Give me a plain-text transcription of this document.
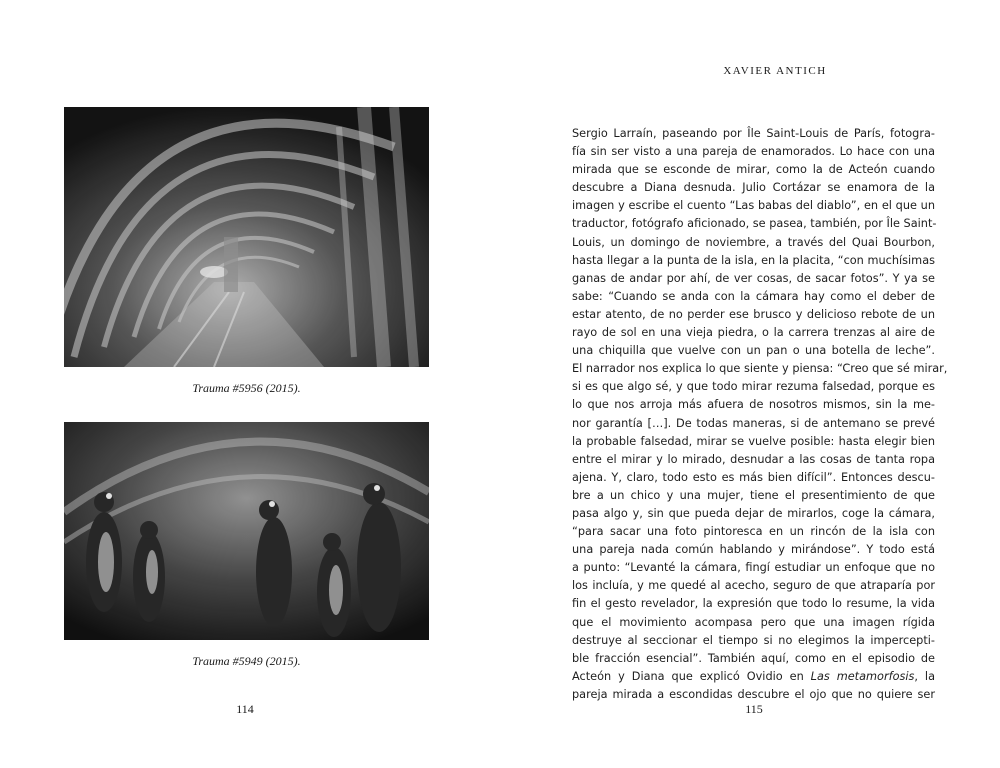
Trauma #5956 (2015).
Trauma #5949 (2015).
114
XAVIER ANTICH
Sergio Larraín, paseando por Île Saint-Louis de París, fotogra-
fía sin ser visto a una pareja de enamorados. Lo hace con una
mirada que se esconde de mirar, como la de Acteón cuando
descubre a Diana desnuda. Julio Cortázar se enamora de la
imagen y escribe el cuento “Las babas del diablo”, en el que un
traductor, fotógrafo aficionado, se pasea, también, por Île Saint-
Louis, un domingo de noviembre, a través del Quai Bourbon,
hasta llegar a la punta de la isla, en la placita, “con muchísimas
ganas de andar por ahí, de ver cosas, de sacar fotos”. Y ya se
sabe: “Cuando se anda con la cámara hay como el deber de
estar atento, de no perder ese brusco y delicioso rebote de un
rayo de sol en una vieja piedra, o la carrera trenzas al aire de
una chiquilla que vuelve con un pan o una botella de leche”.
El narrador nos explica lo que siente y piensa: “Creo que sé mirar,
si es que algo sé, y que todo mirar rezuma falsedad, porque es
lo que nos arroja más afuera de nosotros mismos, sin la me-
nor garantía […]. De todas maneras, si de antemano se prevé
la probable falsedad, mirar se vuelve posible: hasta elegir bien
entre el mirar y lo mirado, desnudar a las cosas de tanta ropa
ajena. Y, claro, todo esto es más bien difícil”. Entonces descu-
bre a un chico y una mujer, tiene el presentimiento de que
pasa algo y, sin que pueda dejar de mirarlos, coge la cámara,
“para sacar una foto pintoresca en un rincón de la isla con
una pareja nada común hablando y mirándose”. Y todo está
a punto: “Levanté la cámara, fingí estudiar un enfoque que no
los incluía, y me quedé al acecho, seguro de que atraparía por
fin el gesto revelador, la expresión que todo lo resume, la vida
que el movimiento acompasa pero que una imagen rígida
destruye al seccionar el tiempo si no elegimos la impercepti-
ble fracción esencial”. También aquí, como en el episodio de
Acteón y Diana que explicó Ovidio en Las metamorfosis, la
pareja mirada a escondidas descubre el ojo que no quiere ser
115
